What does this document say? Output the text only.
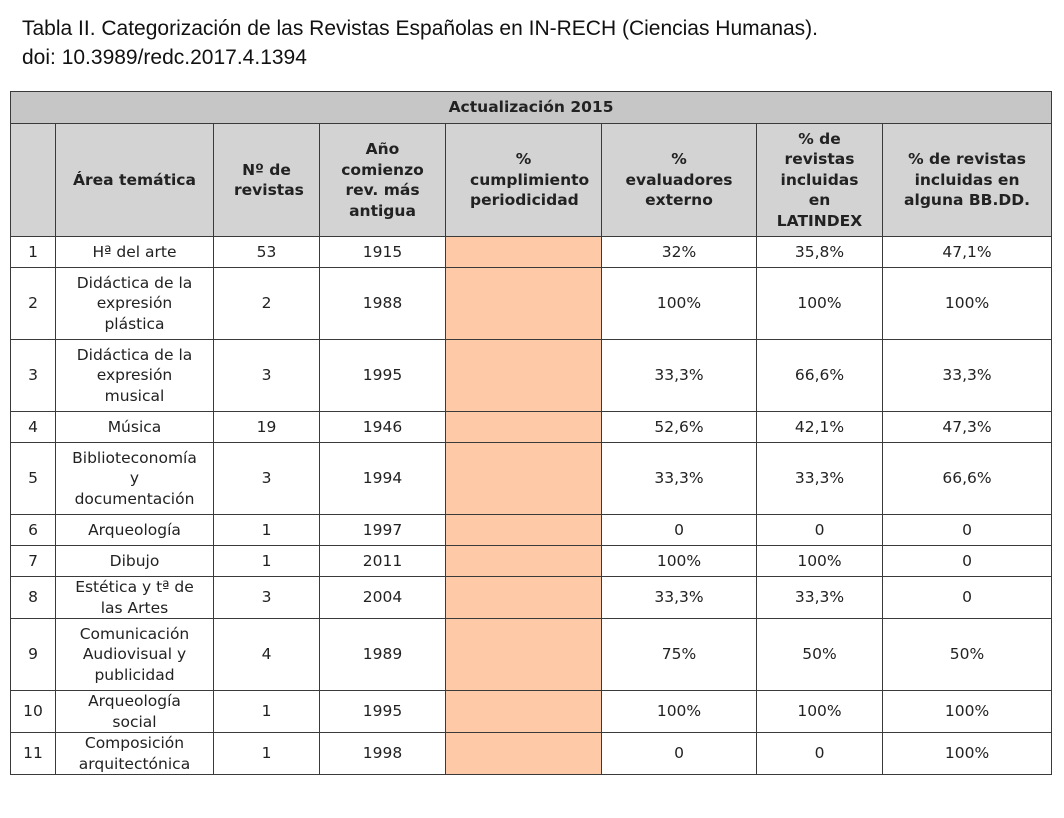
Tabla II. Categorización de las Revistas Españolas en IN-RECH (Ciencias Humanas).
doi: 10.3989/redc.2017.4.1394
Actualización 2015							
	Área temática	Nº de revistas	Año comienzo rev. más antigua	% cumplimiento periodicidad	% evaluadores externo	% de revistas incluidas en LATINDEX	% de revistas incluidas en alguna BB.DD.
1	Hª del arte	53	1915		32%	35,8%	47,1%
2	Didáctica de la expresión plástica	2	1988		100%	100%	100%
3	Didáctica de la expresión musical	3	1995		33,3%	66,6%	33,3%
4	Música	19	1946		52,6%	42,1%	47,3%
5	Biblioteconomía y documentación	3	1994		33,3%	33,3%	66,6%
6	Arqueología	1	1997		0	0	0
7	Dibujo	1	2011		100%	100%	0
8	Estética y tª de las Artes	3	2004		33,3%	33,3%	0
9	Comunicación Audiovisual y publicidad	4	1989		75%	50%	50%
10	Arqueología social	1	1995		100%	100%	100%
11	Composición arquitectónica	1	1998		0	0	100%
